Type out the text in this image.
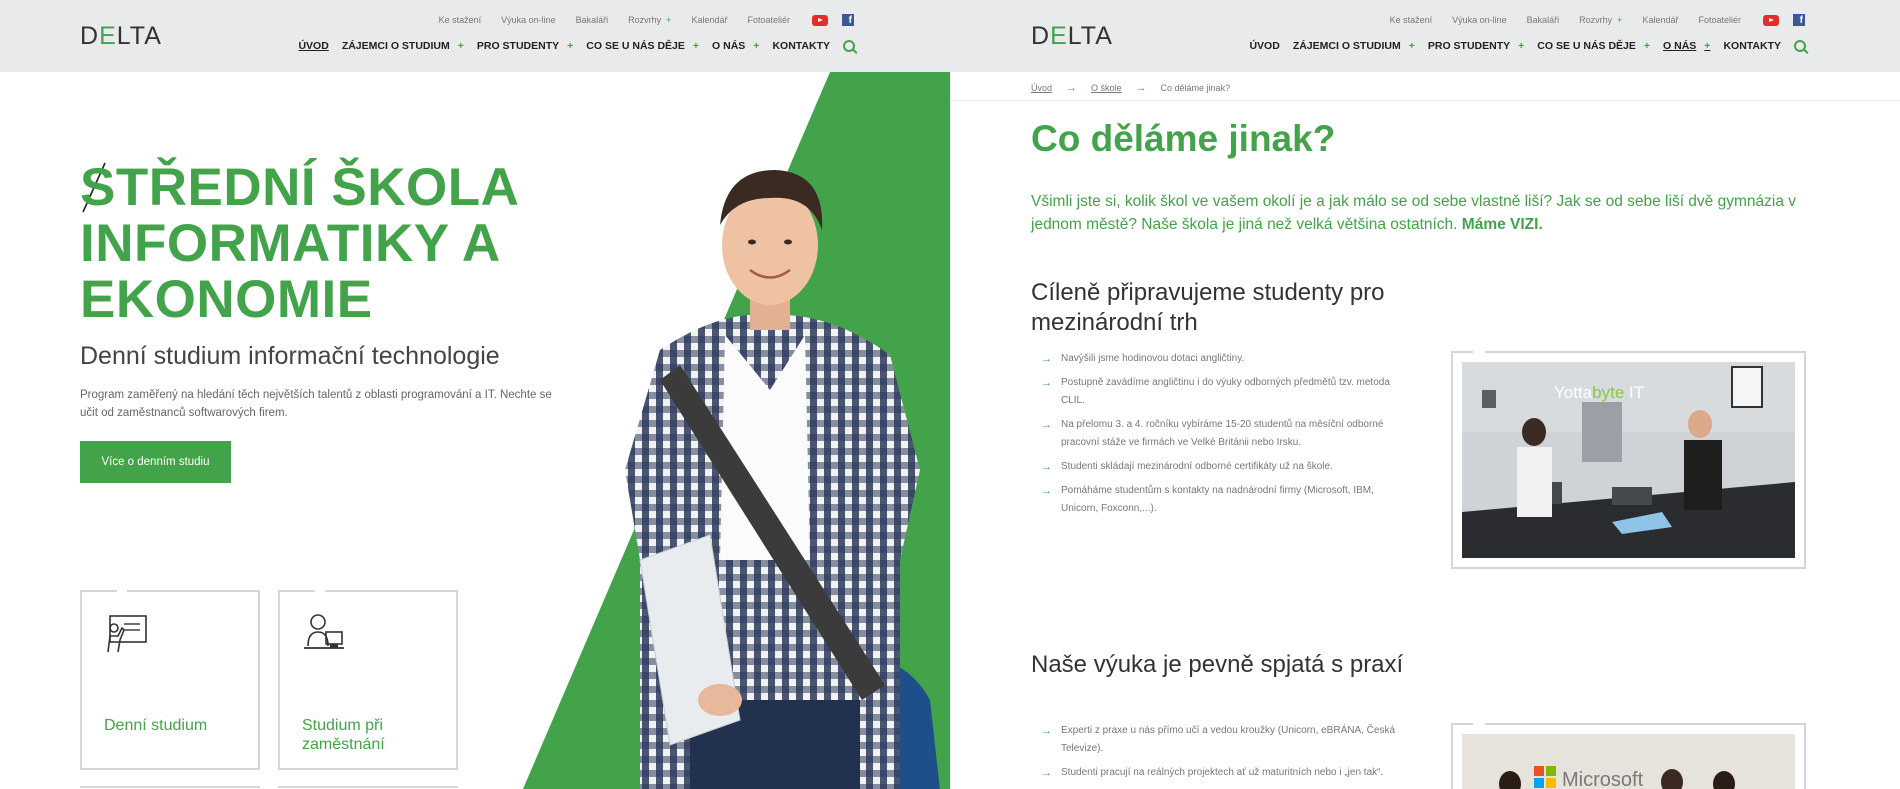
STŘEDNÍ ŠKOLA INFORMATIKY A EKONOMIE
Denní studium informační technologie
Program zaměřený na hledání těch největších talentů z oblasti programování a IT. Nechte se učit od zaměstnanců softwarových firem.
Více o denním studiu
Denní studium	Studium při zaměstnání
DELTA
Ke stažení Výuka on-line Bakaláři Rozvrhy + Kalendář Fotoateliér	f
ÚVOD ZÁJEMCI O STUDIUM + PRO STUDENTY + CO SE U NÁS DĚJE + O NÁS + KONTAKTY	DELTA
Ke stažení Výuka on-line Bakaláři Rozvrhy + Kalendář Fotoateliér	f
ÚVOD ZÁJEMCI O STUDIUM + PRO STUDENTY + CO SE U NÁS DĚJE + O NÁS + KONTAKTY
Úvod → O škole → Co děláme jinak?
Co děláme jinak?
Všimli jste si, kolik škol ve vašem okolí je a jak málo se od sebe vlastně liší? Jak se od sebe liší dvě gymnázia v jednom městě? Naše škola je jiná než velká většina ostatních. Máme VIZI.
Cíleně připravujeme studenty pro mezinárodní trh
→ Navýšili jsme hodinovou dotaci angličtiny.
→ Postupně zavádíme angličtinu i do výuky odborných předmětů tzv. metoda CLIL.
→ Na přelomu 3. a 4. ročníku vybíráme 15-20 studentů na měsíční odborné pracovní stáže ve firmách ve Velké Británii nebo Irsku.
→ Studenti skládají mezinárodní odborné certifikáty už na škole.
→ Pomáháme studentům s kontakty na nadnárodní firmy (Microsoft, IBM, Unicorn, Foxconn,...).
Yottabyte IT
Naše výuka je pevně spjatá s praxí
→ Experti z praxe u nás přímo učí a vedou kroužky (Unicorn, eBRÁNA, Česká Televize).
→ Studenti pracují na reálných projektech ať už maturitních nebo i „jen tak“.	Microsoft
